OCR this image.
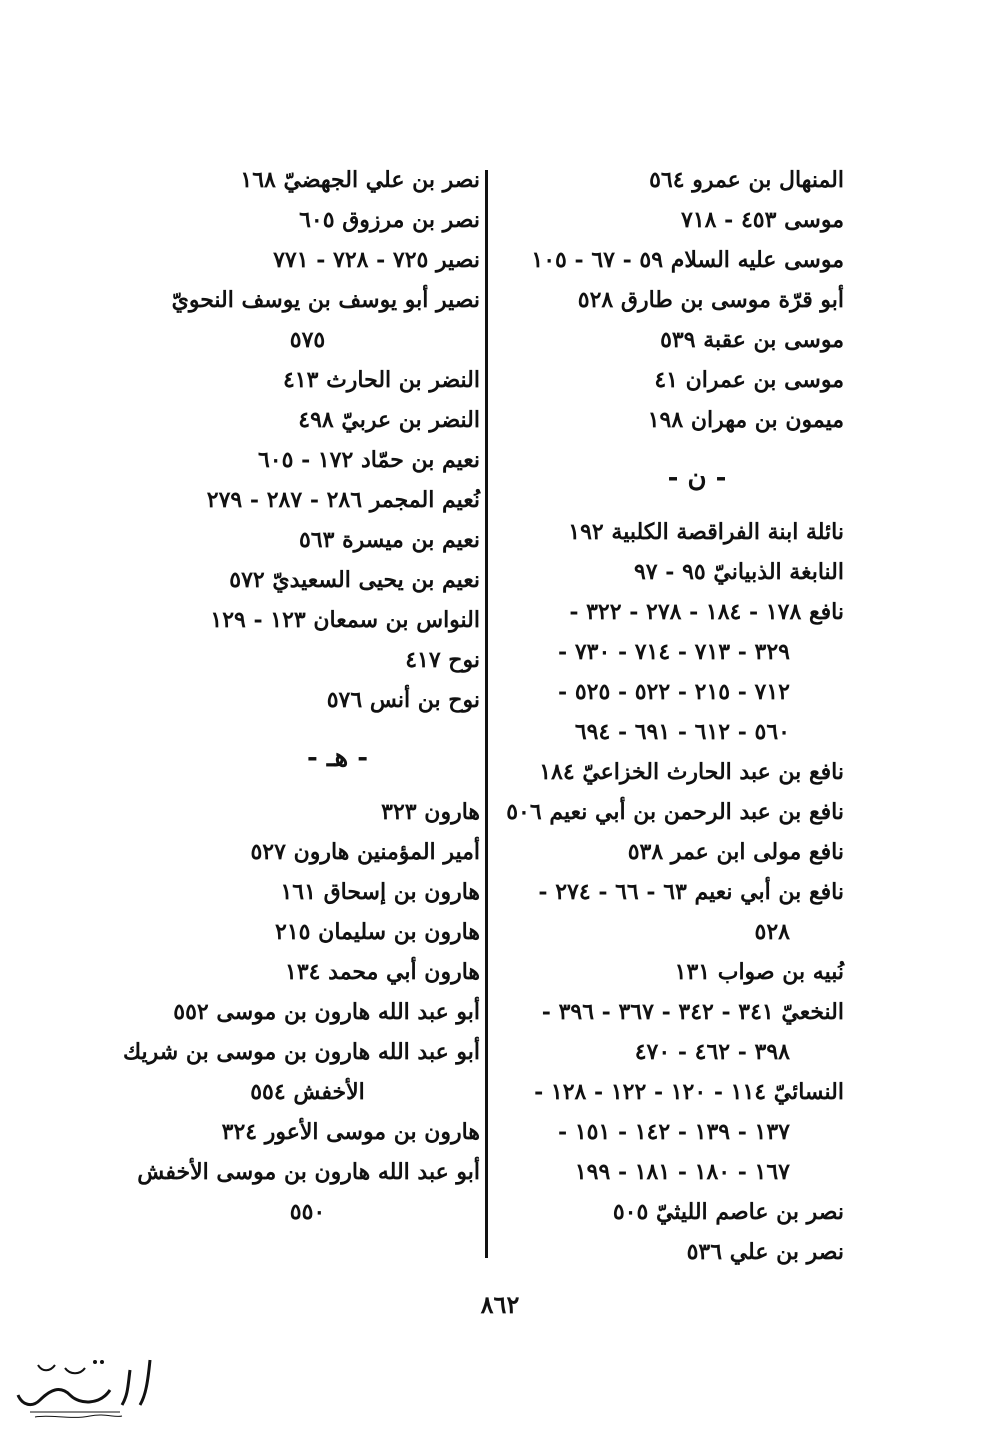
المنهال بن عمرو ٥٦٤
موسى ٤٥٣ - ٧١٨
موسى عليه السلام ٥٩ - ٦٧ - ١٠٥
أبو قرّة موسى بن طارق ٥٢٨
موسى بن عقبة ٥٣٩
موسى بن عمران ٤١
ميمون بن مهران ١٩٨
- ن -
نائلة ابنة الفراقصة الكلبية ١٩٢
النابغة الذبيانيّ ٩٥ - ٩٧
نافع ١٧٨ - ١٨٤ - ٢٧٨ - ٣٢٢ -
٣٢٩ - ٧١٣ - ٧١٤ - ٧٣٠ -
٧١٢ - ٢١٥ - ٥٢٢ - ٥٢٥ -
٥٦٠ - ٦١٢ - ٦٩١ - ٦٩٤
نافع بن عبد الحارث الخزاعيّ ١٨٤
نافع بن عبد الرحمن بن أبي نعيم ٥٠٦
نافع مولى ابن عمر ٥٣٨
نافع بن أبي نعيم ٦٣ - ٦٦ - ٢٧٤ -
٥٢٨
نُبيه بن صواب ١٣١
النخعيّ ٣٤١ - ٣٤٢ - ٣٦٧ - ٣٩٦ -
٣٩٨ - ٤٦٢ - ٤٧٠
النسائيّ ١١٤ - ١٢٠ - ١٢٢ - ١٢٨ -
١٣٧ - ١٣٩ - ١٤٢ - ١٥١ -
١٦٧ - ١٨٠ - ١٨١ - ١٩٩
نصر بن عاصم الليثيّ ٥٠٥
نصر بن علي ٥٣٦
نصر بن علي الجهضيّ ١٦٨
نصر بن مرزوق ٦٠٥
نصير ٧٢٥ - ٧٢٨ - ٧٧١
نصير أبو يوسف بن يوسف النحويّ
٥٧٥
النضر بن الحارث ٤١٣
النضر بن عربيّ ٤٩٨
نعيم بن حمّاد ١٧٢ - ٦٠٥
نُعيم المجمر ٢٨٦ - ٢٨٧ - ٢٧٩
نعيم بن ميسرة ٥٦٣
نعيم بن يحيى السعيديّ ٥٧٢
النواس بن سمعان ١٢٣ - ١٢٩
نوح ٤١٧
نوح بن أنس ٥٧٦
- هـ -
هارون ٣٢٣
أمير المؤمنين هارون ٥٢٧
هارون بن إسحاق ١٦١
هارون بن سليمان ٢١٥
هارون أبي محمد ١٣٤
أبو عبد الله هارون بن موسى ٥٥٢
أبو عبد الله هارون بن موسى بن شريك
الأخفش ٥٥٤
هارون بن موسى الأعور ٣٢٤
أبو عبد الله هارون بن موسى الأخفش
٥٥٠
٨٦٢
